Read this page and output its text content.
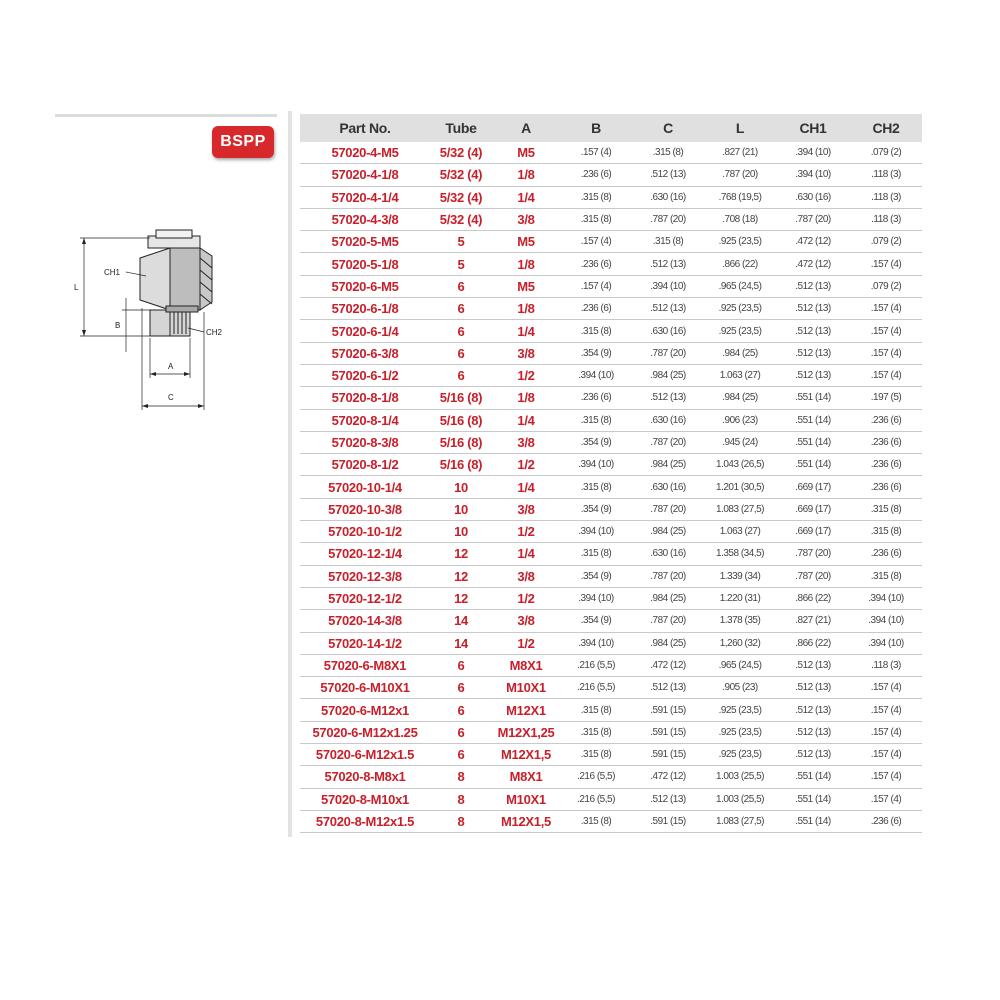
BSPP
CH1
CH2
L
B
A
C
Part No.	Tube	A	B	C	L	CH1	CH2
57020-4-M5	5/32 (4)	M5	.157 (4)	.315 (8)	.827 (21)	.394 (10)	.079 (2)
57020-4-1/8	5/32 (4)	1/8	.236 (6)	.512 (13)	.787 (20)	.394 (10)	.118 (3)
57020-4-1/4	5/32 (4)	1/4	.315 (8)	.630 (16)	.768 (19,5)	.630 (16)	.118 (3)
57020-4-3/8	5/32 (4)	3/8	.315 (8)	.787 (20)	.708 (18)	.787 (20)	.118 (3)
57020-5-M5	5	M5	.157 (4)	.315 (8)	.925 (23,5)	.472 (12)	.079 (2)
57020-5-1/8	5	1/8	.236 (6)	.512 (13)	.866 (22)	.472 (12)	.157 (4)
57020-6-M5	6	M5	.157 (4)	.394 (10)	.965 (24,5)	.512 (13)	.079 (2)
57020-6-1/8	6	1/8	.236 (6)	.512 (13)	.925 (23,5)	.512 (13)	.157 (4)
57020-6-1/4	6	1/4	.315 (8)	.630 (16)	.925 (23,5)	.512 (13)	.157 (4)
57020-6-3/8	6	3/8	.354 (9)	.787 (20)	.984 (25)	.512 (13)	.157 (4)
57020-6-1/2	6	1/2	.394 (10)	.984 (25)	1.063 (27)	.512 (13)	.157 (4)
57020-8-1/8	5/16 (8)	1/8	.236 (6)	.512 (13)	.984 (25)	.551 (14)	.197 (5)
57020-8-1/4	5/16 (8)	1/4	.315 (8)	.630 (16)	.906 (23)	.551 (14)	.236 (6)
57020-8-3/8	5/16 (8)	3/8	.354 (9)	.787 (20)	.945 (24)	.551 (14)	.236 (6)
57020-8-1/2	5/16 (8)	1/2	.394 (10)	.984 (25)	1.043 (26,5)	.551 (14)	.236 (6)
57020-10-1/4	10	1/4	.315 (8)	.630 (16)	1.201 (30,5)	.669 (17)	.236 (6)
57020-10-3/8	10	3/8	.354 (9)	.787 (20)	1.083 (27,5)	.669 (17)	.315 (8)
57020-10-1/2	10	1/2	.394 (10)	.984 (25)	1.063 (27)	.669 (17)	.315 (8)
57020-12-1/4	12	1/4	.315 (8)	.630 (16)	1.358 (34,5)	.787 (20)	.236 (6)
57020-12-3/8	12	3/8	.354 (9)	.787 (20)	1.339 (34)	.787 (20)	.315 (8)
57020-12-1/2	12	1/2	.394 (10)	.984 (25)	1.220 (31)	.866 (22)	.394 (10)
57020-14-3/8	14	3/8	.354 (9)	.787 (20)	1.378 (35)	.827 (21)	.394 (10)
57020-14-1/2	14	1/2	.394 (10)	.984 (25)	1,260 (32)	.866 (22)	.394 (10)
57020-6-M8X1	6	M8X1	.216 (5,5)	.472 (12)	.965 (24,5)	.512 (13)	.118 (3)
57020-6-M10X1	6	M10X1	.216 (5,5)	.512 (13)	.905 (23)	.512 (13)	.157 (4)
57020-6-M12x1	6	M12X1	.315 (8)	.591 (15)	.925 (23,5)	.512 (13)	.157 (4)
57020-6-M12x1.25	6	M12X1,25	.315 (8)	.591 (15)	.925 (23,5)	.512 (13)	.157 (4)
57020-6-M12x1.5	6	M12X1,5	.315 (8)	.591 (15)	.925 (23,5)	.512 (13)	.157 (4)
57020-8-M8x1	8	M8X1	.216 (5,5)	.472 (12)	1.003 (25,5)	.551 (14)	.157 (4)
57020-8-M10x1	8	M10X1	.216 (5,5)	.512 (13)	1.003 (25,5)	.551 (14)	.157 (4)
57020-8-M12x1.5	8	M12X1,5	.315 (8)	.591 (15)	1.083 (27,5)	.551 (14)	.236 (6)
